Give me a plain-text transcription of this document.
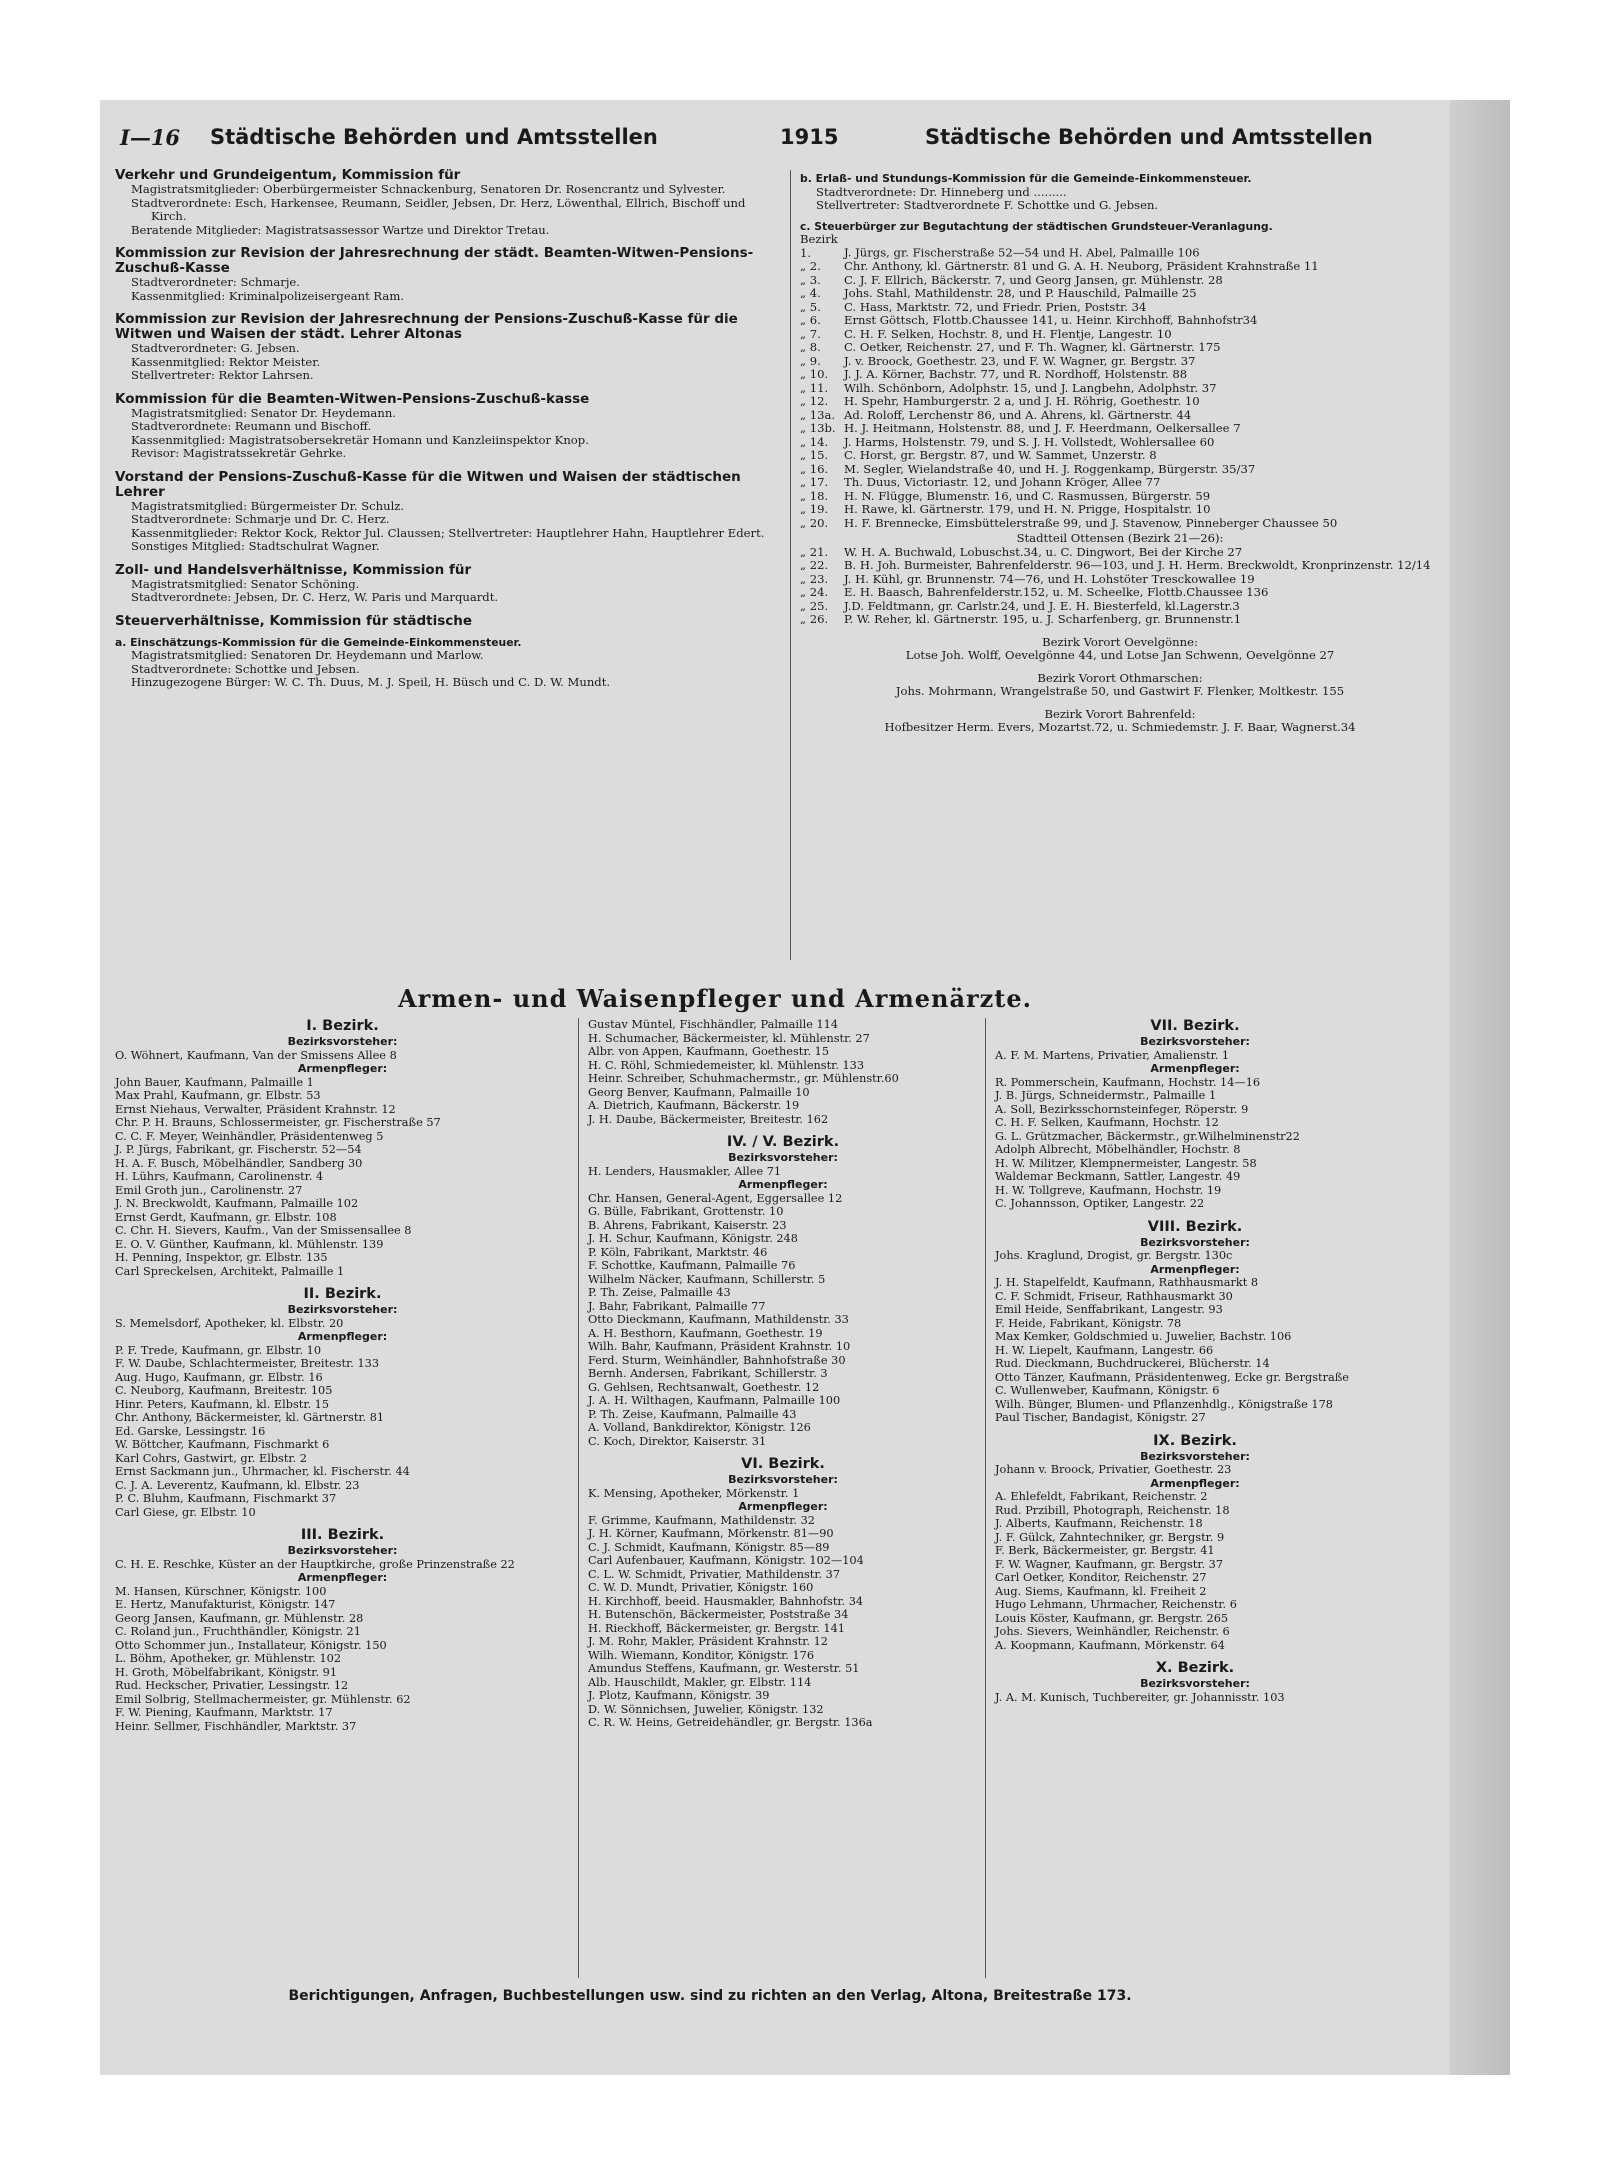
I—16 Städtische Behörden und Amtsstellen	1915	Städtische Behörden und Amtsstellen
Verkehr und Grundeigentum, Kommission für
Magistratsmitglieder: Oberbürgermeister Schnackenburg, Senatoren Dr. Rosencrantz und Sylvester.
Stadtverordnete: Esch, Harkensee, Reumann, Seidler, Jebsen, Dr. Herz, Löwenthal, Ellrich, Bischoff und Kirch.
Beratende Mitglieder: Magistratsassessor Wartze und Direktor Tretau.
Kommission zur Revision der Jahresrechnung der städt. Beamten-Witwen-Pensions-Zuschuß-Kasse
Stadtverordneter: Schmarje.
Kassenmitglied: Kriminalpolizeisergeant Ram.
Kommission zur Revision der Jahresrechnung der Pensions-Zuschuß-Kasse für die Witwen und Waisen der städt. Lehrer Altonas
Stadtverordneter: G. Jebsen.
Kassenmitglied: Rektor Meister.
Stellvertreter: Rektor Lahrsen.
Kommission für die Beamten-Witwen-Pensions-Zuschuß-kasse
Magistratsmitglied: Senator Dr. Heydemann.
Stadtverordnete: Reumann und Bischoff.
Kassenmitglied: Magistratsobersekretär Homann und Kanzleiinspektor Knop.
Revisor: Magistratssekretär Gehrke.
Vorstand der Pensions-Zuschuß-Kasse für die Witwen und Waisen der städtischen Lehrer
Magistratsmitglied: Bürgermeister Dr. Schulz.
Stadtverordnete: Schmarje und Dr. C. Herz.
Kassenmitglieder: Rektor Kock, Rektor Jul. Claussen; Stellvertreter: Hauptlehrer Hahn, Hauptlehrer Edert.
Sonstiges Mitglied: Stadtschulrat Wagner.
Zoll- und Handelsverhältnisse, Kommission für
Magistratsmitglied: Senator Schöning.
Stadtverordnete: Jebsen, Dr. C. Herz, W. Paris und Marquardt.
Steuerverhältnisse, Kommission für städtische
a. Einschätzungs-Kommission für die Gemeinde-Einkommensteuer.
Magistratsmitglied: Senatoren Dr. Heydemann und Marlow.
Stadtverordnete: Schottke und Jebsen.
Hinzugezogene Bürger: W. C. Th. Duus, M. J. Speil, H. Büsch und C. D. W. Mundt.
b. Erlaß- und Stundungs-Kommission für die Gemeinde-Einkommensteuer.
Stadtverordnete: Dr. Hinneberg und .........
Stellvertreter: Stadtverordnete F. Schottke und G. Jebsen.
c. Steuerbürger zur Begutachtung der städtischen Grundsteuer-Veranlagung.
Bezirk 1.	J. Jürgs, gr. Fischerstraße 52—54 und H. Abel, Palmaille 106
„ 2. Chr. Anthony, kl. Gärtnerstr. 81 und G. A. H. Neuborg, Präsident Krahnstraße 11
„ 3. C. J. F. Ellrich, Bäckerstr. 7, und Georg Jansen, gr. Mühlenstr. 28
„ 4. Johs. Stahl, Mathildenstr. 28, und P. Hauschild, Palmaille 25
„ 5. C. Hass, Marktstr. 72, und Friedr. Prien, Poststr. 34
„ 6. Ernst Göttsch, Flottb.Chaussee 141, u. Heinr. Kirchhoff, Bahnhofstr34
„ 7. C. H. F. Selken, Hochstr. 8, und H. Flentje, Langestr. 10
„ 8. C. Oetker, Reichenstr. 27, und F. Th. Wagner, kl. Gärtnerstr. 175
„ 9. J. v. Broock, Goethestr. 23, und F. W. Wagner, gr. Bergstr. 37
„ 10. J. J. A. Körner, Bachstr. 77, und R. Nordhoff, Holstenstr. 88
„ 11. Wilh. Schönborn, Adolphstr. 15, und J. Langbehn, Adolphstr. 37
„ 12. H. Spehr, Hamburgerstr. 2 a, und J. H. Röhrig, Goethestr. 10
„ 13a. Ad. Roloff, Lerchenstr 86, und A. Ahrens, kl. Gärtnerstr. 44
„ 13b. H. J. Heitmann, Holstenstr. 88, und J. F. Heerdmann, Oelkersallee 7
„ 14. J. Harms, Holstenstr. 79, und S. J. H. Vollstedt, Wohlersallee 60
„ 15. C. Horst, gr. Bergstr. 87, und W. Sammet, Unzerstr. 8
„ 16. M. Segler, Wielandstraße 40, und H. J. Roggenkamp, Bürgerstr. 35/37
„ 17. Th. Duus, Victoriastr. 12, und Johann Kröger, Allee 77
„ 18. H. N. Flügge, Blumenstr. 16, und C. Rasmussen, Bürgerstr. 59
„ 19. H. Rawe, kl. Gärtnerstr. 179, und H. N. Prigge, Hospitalstr. 10
„ 20. H. F. Brennecke, Eimsbüttelerstraße 99, und J. Stavenow, Pinneberger Chaussee 50
Stadtteil Ottensen (Bezirk 21—26):
„ 21. W. H. A. Buchwald, Lobuschst.34, u. C. Dingwort, Bei der Kirche 27
„ 22. B. H. Joh. Burmeister, Bahrenfelderstr. 96—103, und J. H. Herm. Breckwoldt, Kronprinzenstr. 12/14
„ 23. J. H. Kühl, gr. Brunnenstr. 74—76, und H. Lohstöter Tresckowallee 19
„ 24. E. H. Baasch, Bahrenfelderstr.152, u. M. Scheelke, Flottb.Chaussee 136
„ 25. J.D. Feldtmann, gr. Carlstr.24, und J. E. H. Biesterfeld, kl.Lagerstr.3
„ 26. P. W. Reher, kl. Gärtnerstr. 195, u. J. Scharfenberg, gr. Brunnenstr.1
Bezirk Vorort Oevelgönne:
Lotse Joh. Wolff, Oevelgönne 44, und Lotse Jan Schwenn, Oevelgönne 27
Bezirk Vorort Othmarschen:
Johs. Mohrmann, Wrangelstraße 50, und Gastwirt F. Flenker, Moltkestr. 155
Bezirk Vorort Bahrenfeld:
Hofbesitzer Herm. Evers, Mozartst.72, u. Schmiedemstr. J. F. Baar, Wagnerst.34
Armen- und Waisenpfleger und Armenärzte.
I. Bezirk.
Bezirksvorsteher:
O. Wöhnert, Kaufmann, Van der Smissens Allee 8
Armenpfleger:
John Bauer, Kaufmann, Palmaille 1
Max Prahl, Kaufmann, gr. Elbstr. 53
Ernst Niehaus, Verwalter, Präsident Krahnstr. 12
Chr. P. H. Brauns, Schlossermeister, gr. Fischerstraße 57
C. C. F. Meyer, Weinhändler, Präsidentenweg 5
J. P. Jürgs, Fabrikant, gr. Fischerstr. 52—54
H. A. F. Busch, Möbelhändler, Sandberg 30
H. Lührs, Kaufmann, Carolinenstr. 4
Emil Groth jun., Carolinenstr. 27
J. N. Breckwoldt, Kaufmann, Palmaille 102
Ernst Gerdt, Kaufmann, gr. Elbstr. 108
C. Chr. H. Sievers, Kaufm., Van der Smissensallee 8
E. O. V. Günther, Kaufmann, kl. Mühlenstr. 139
H. Penning, Inspektor, gr. Elbstr. 135
Carl Spreckelsen, Architekt, Palmaille 1
II. Bezirk.
Bezirksvorsteher:
S. Memelsdorf, Apotheker, kl. Elbstr. 20
Armenpfleger:
P. F. Trede, Kaufmann, gr. Elbstr. 10
F. W. Daube, Schlachtermeister, Breitestr. 133
Aug. Hugo, Kaufmann, gr. Elbstr. 16
C. Neuborg, Kaufmann, Breitestr. 105
Hinr. Peters, Kaufmann, kl. Elbstr. 15
Chr. Anthony, Bäckermeister, kl. Gärtnerstr. 81
Ed. Garske, Lessingstr. 16
W. Böttcher, Kaufmann, Fischmarkt 6
Karl Cohrs, Gastwirt, gr. Elbstr. 2
Ernst Sackmann jun., Uhrmacher, kl. Fischerstr. 44
C. J. A. Leverentz, Kaufmann, kl. Elbstr. 23
P. C. Bluhm, Kaufmann, Fischmarkt 37
Carl Giese, gr. Elbstr. 10
III. Bezirk.
Bezirksvorsteher:
C. H. E. Reschke, Küster an der Hauptkirche, große Prinzenstraße 22
Armenpfleger:
M. Hansen, Kürschner, Königstr. 100
E. Hertz, Manufakturist, Königstr. 147
Georg Jansen, Kaufmann, gr. Mühlenstr. 28
C. Roland jun., Fruchthändler, Königstr. 21
Otto Schommer jun., Installateur, Königstr. 150
L. Böhm, Apotheker, gr. Mühlenstr. 102
H. Groth, Möbelfabrikant, Königstr. 91
Rud. Heckscher, Privatier, Lessingstr. 12
Emil Solbrig, Stellmachermeister, gr. Mühlenstr. 62
F. W. Piening, Kaufmann, Marktstr. 17
Heinr. Sellmer, Fischhändler, Marktstr. 37
Gustav Müntel, Fischhändler, Palmaille 114
H. Schumacher, Bäckermeister, kl. Mühlenstr. 27
Albr. von Appen, Kaufmann, Goethestr. 15
H. C. Röhl, Schmiedemeister, kl. Mühlenstr. 133
Heinr. Schreiber, Schuhmachermstr., gr. Mühlenstr.60
Georg Benver, Kaufmann, Palmaille 10
A. Dietrich, Kaufmann, Bäckerstr. 19
J. H. Daube, Bäckermeister, Breitestr. 162
IV. / V. Bezirk.
Bezirksvorsteher:
H. Lenders, Hausmakler, Allee 71
Armenpfleger:
Chr. Hansen, General-Agent, Eggersallee 12
G. Bülle, Fabrikant, Grottenstr. 10
B. Ahrens, Fabrikant, Kaiserstr. 23
J. H. Schur, Kaufmann, Königstr. 248
P. Köln, Fabrikant, Marktstr. 46
F. Schottke, Kaufmann, Palmaille 76
Wilhelm Näcker, Kaufmann, Schillerstr. 5
P. Th. Zeise, Palmaille 43
J. Bahr, Fabrikant, Palmaille 77
Otto Dieckmann, Kaufmann, Mathildenstr. 33
A. H. Besthorn, Kaufmann, Goethestr. 19
Wilh. Bahr, Kaufmann, Präsident Krahnstr. 10
Ferd. Sturm, Weinhändler, Bahnhofstraße 30
Bernh. Andersen, Fabrikant, Schillerstr. 3
G. Gehlsen, Rechtsanwalt, Goethestr. 12
J. A. H. Wilthagen, Kaufmann, Palmaille 100
P. Th. Zeise, Kaufmann, Palmaille 43
A. Volland, Bankdirektor, Königstr. 126
C. Koch, Direktor, Kaiserstr. 31
VI. Bezirk.
Bezirksvorsteher:
K. Mensing, Apotheker, Mörkenstr. 1
Armenpfleger:
F. Grimme, Kaufmann, Mathildenstr. 32
J. H. Körner, Kaufmann, Mörkenstr. 81—90
C. J. Schmidt, Kaufmann, Königstr. 85—89
Carl Aufenbauer, Kaufmann, Königstr. 102—104
C. L. W. Schmidt, Privatier, Mathildenstr. 37
C. W. D. Mundt, Privatier, Königstr. 160
H. Kirchhoff, beeid. Hausmakler, Bahnhofstr. 34
H. Butenschön, Bäckermeister, Poststraße 34
H. Rieckhoff, Bäckermeister, gr. Bergstr. 141
J. M. Rohr, Makler, Präsident Krahnstr. 12
Wilh. Wiemann, Konditor, Königstr. 176
Amundus Steffens, Kaufmann, gr. Westerstr. 51
Alb. Hauschildt, Makler, gr. Elbstr. 114
J. Plotz, Kaufmann, Königstr. 39
D. W. Sönnichsen, Juwelier, Königstr. 132
C. R. W. Heins, Getreidehändler, gr. Bergstr. 136a
VII. Bezirk.
Bezirksvorsteher:
A. F. M. Martens, Privatier, Amalienstr. 1
Armenpfleger:
R. Pommerschein, Kaufmann, Hochstr. 14—16
J. B. Jürgs, Schneidermstr., Palmaille 1
A. Soll, Bezirksschornsteinfeger, Röperstr. 9
C. H. F. Selken, Kaufmann, Hochstr. 12
G. L. Grützmacher, Bäckermstr., gr.Wilhelminenstr22
Adolph Albrecht, Möbelhändler, Hochstr. 8
H. W. Militzer, Klempnermeister, Langestr. 58
Waldemar Beckmann, Sattler, Langestr. 49
H. W. Tollgreve, Kaufmann, Hochstr. 19
C. Johannsson, Optiker, Langestr. 22
VIII. Bezirk.
Bezirksvorsteher:
Johs. Kraglund, Drogist, gr. Bergstr. 130c
Armenpfleger:
J. H. Stapelfeldt, Kaufmann, Rathhausmarkt 8
C. F. Schmidt, Friseur, Rathhausmarkt 30
Emil Heide, Senffabrikant, Langestr. 93
F. Heide, Fabrikant, Königstr. 78
Max Kemker, Goldschmied u. Juwelier, Bachstr. 106
H. W. Liepelt, Kaufmann, Langestr. 66
Rud. Dieckmann, Buchdruckerei, Blücherstr. 14
Otto Tänzer, Kaufmann, Präsidentenweg, Ecke gr. Bergstraße
C. Wullenweber, Kaufmann, Königstr. 6
Wilh. Bünger, Blumen- und Pflanzenhdlg., Königstraße 178
Paul Tischer, Bandagist, Königstr. 27
IX. Bezirk.
Bezirksvorsteher:
Johann v. Broock, Privatier, Goethestr. 23
Armenpfleger:
A. Ehlefeldt, Fabrikant, Reichenstr. 2
Rud. Przibill, Photograph, Reichenstr. 18
J. Alberts, Kaufmann, Reichenstr. 18
J. F. Gülck, Zahntechniker, gr. Bergstr. 9
F. Berk, Bäckermeister, gr. Bergstr. 41
F. W. Wagner, Kaufmann, gr. Bergstr. 37
Carl Oetker, Konditor, Reichenstr. 27
Aug. Siems, Kaufmann, kl. Freiheit 2
Hugo Lehmann, Uhrmacher, Reichenstr. 6
Louis Köster, Kaufmann, gr. Bergstr. 265
Johs. Sievers, Weinhändler, Reichenstr. 6
A. Koopmann, Kaufmann, Mörkenstr. 64
X. Bezirk.
Bezirksvorsteher:
J. A. M. Kunisch, Tuchbereiter, gr. Johannisstr. 103
Berichtigungen, Anfragen, Buchbestellungen usw. sind zu richten an den Verlag, Altona, Breitestraße 173.
